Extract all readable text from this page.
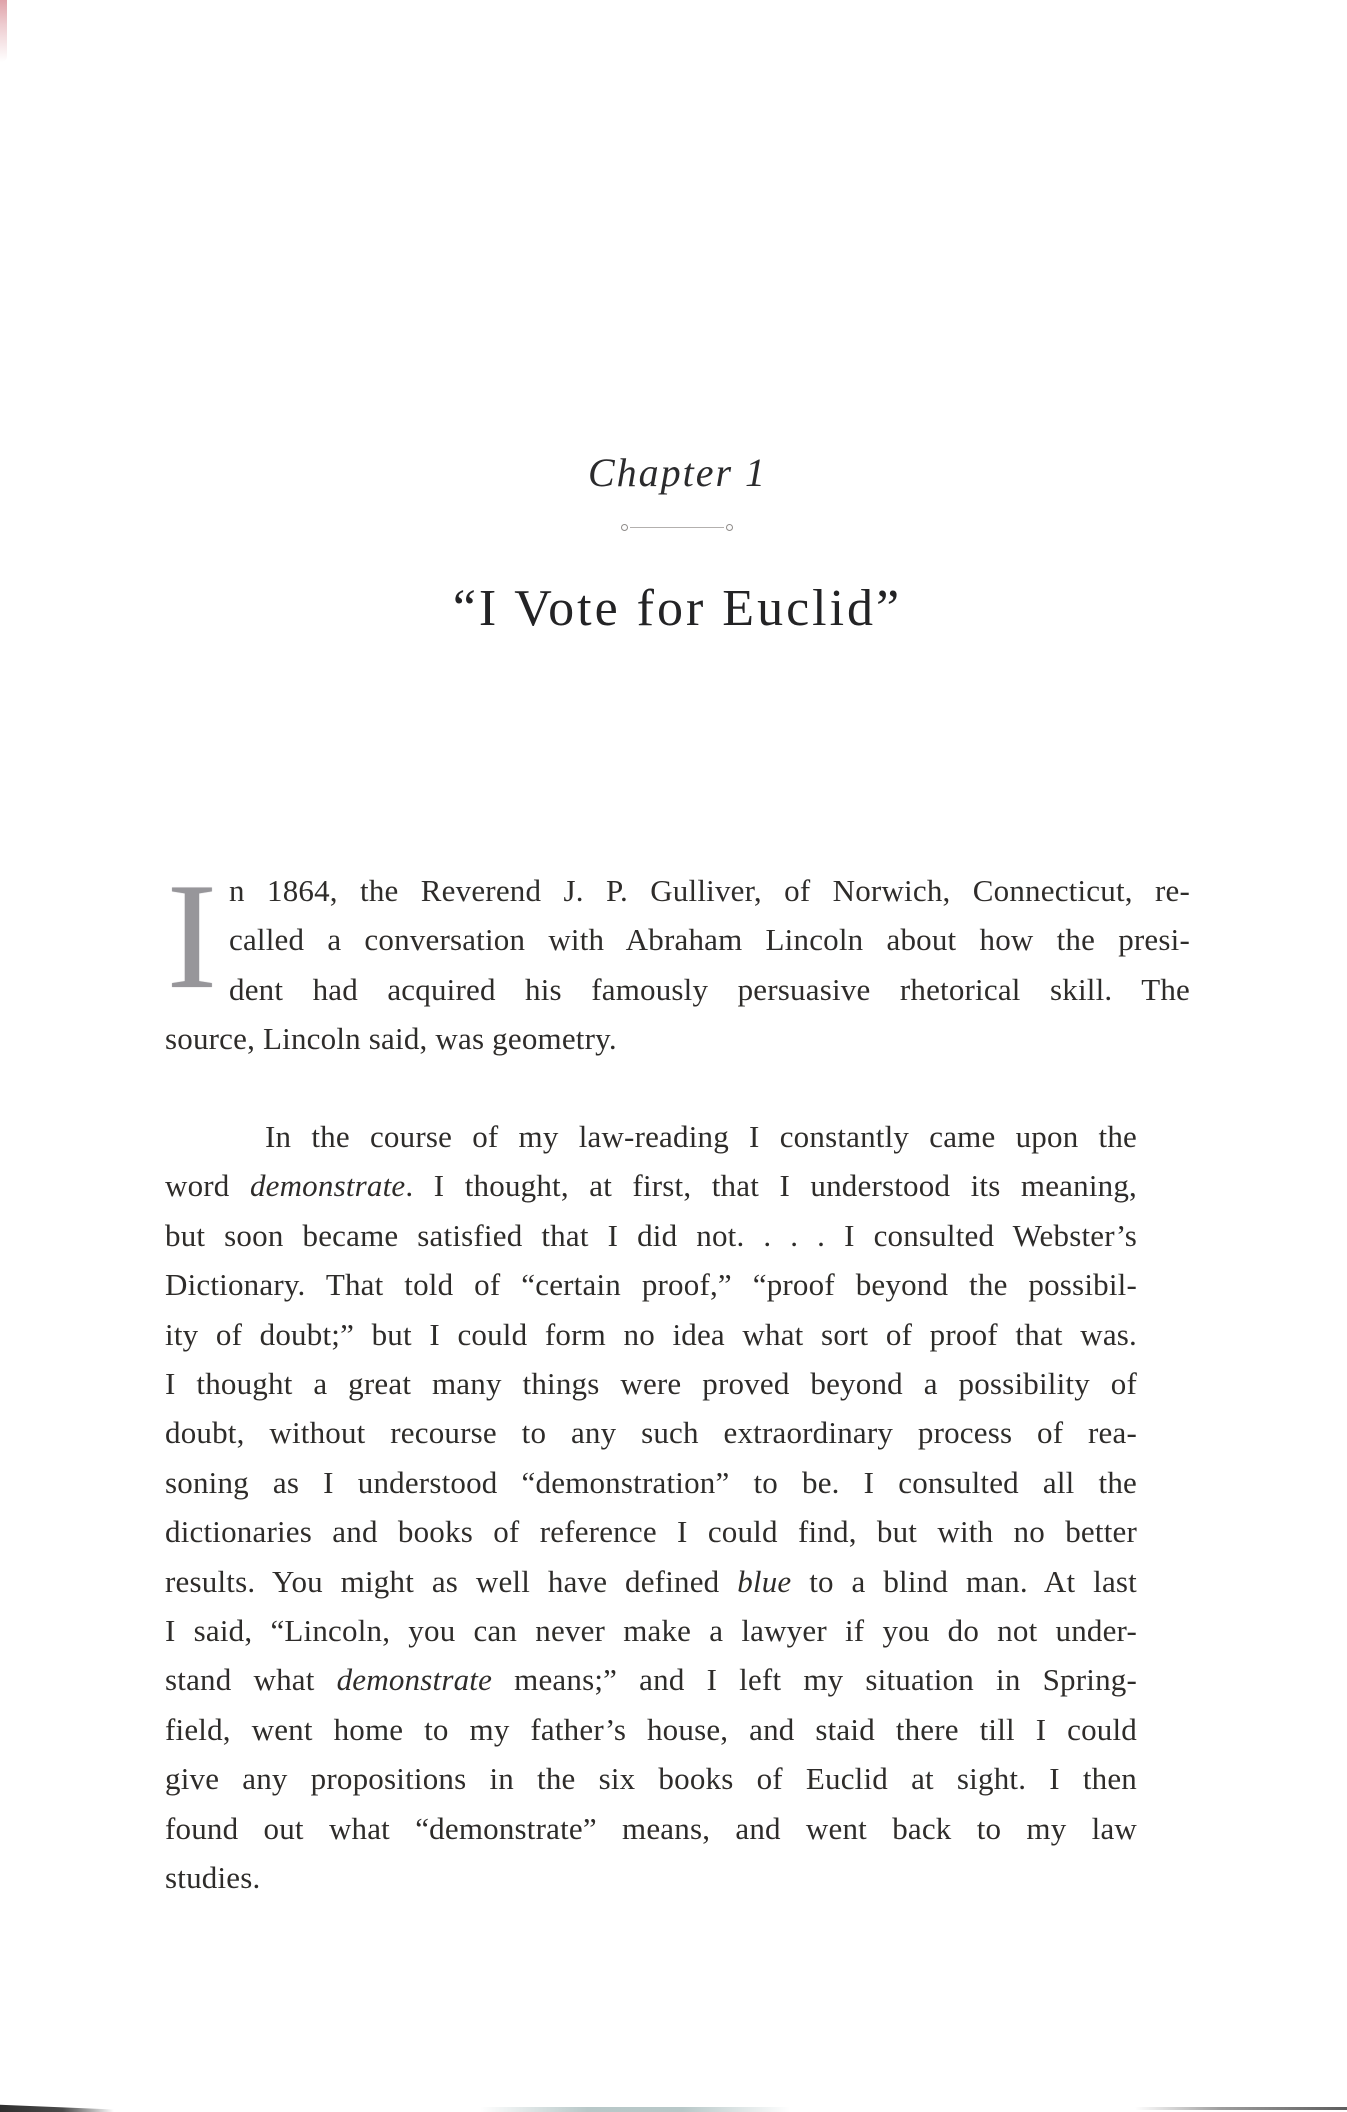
Chapter 1
“I Vote for Euclid”
I n 1864, the Reverend J. P. Gulliver, of Norwich, Connecticut, re-
called a conversation with Abraham Lincoln about how the presi-
dent had acquired his famously persuasive rhetorical skill. The
source, Lincoln said, was geometry.
In the course of my law-reading I constantly came upon the
word demonstrate. I thought, at first, that I understood its meaning,
but soon became satisfied that I did not. . . . I consulted Webster’s
Dictionary. That told of “certain proof,” “proof beyond the possibil-
ity of doubt;” but I could form no idea what sort of proof that was.
I thought a great many things were proved beyond a possibility of
doubt, without recourse to any such extraordinary process of rea-
soning as I understood “demonstration” to be. I consulted all the
dictionaries and books of reference I could find, but with no better
results. You might as well have defined blue to a blind man. At last
I said, “Lincoln, you can never make a lawyer if you do not under-
stand what demonstrate means;” and I left my situation in Spring-
field, went home to my father’s house, and staid there till I could
give any propositions in the six books of Euclid at sight. I then
found out what “demonstrate” means, and went back to my law
studies.
